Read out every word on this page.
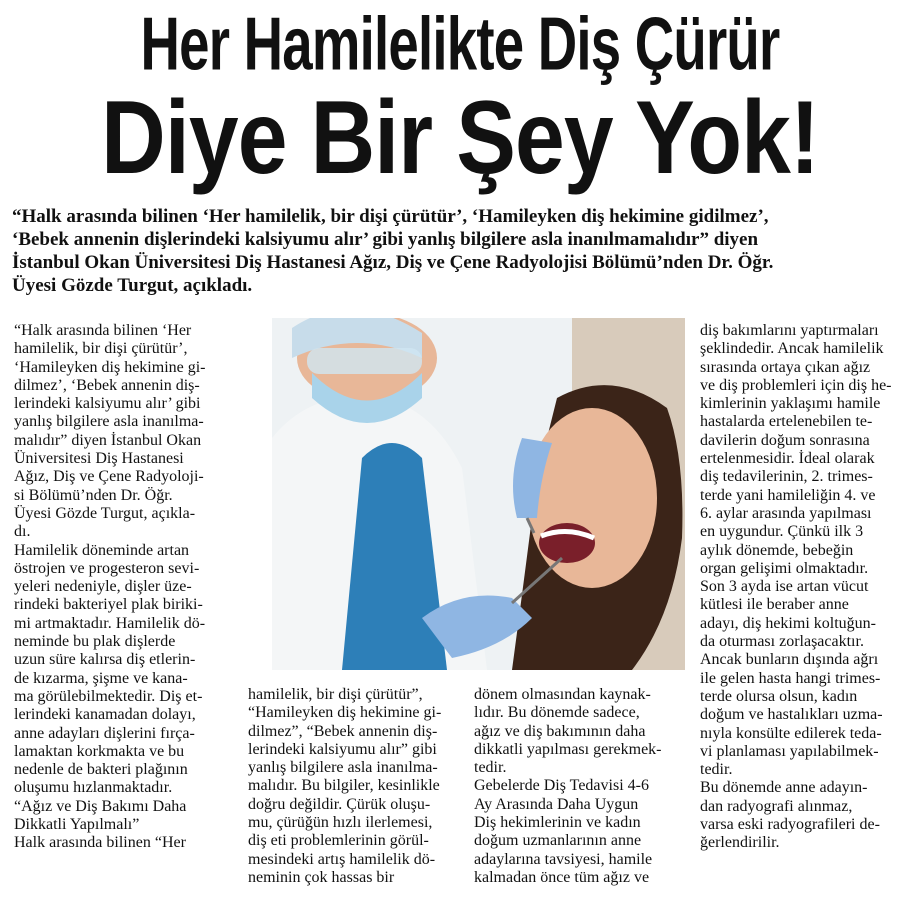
Her Hamilelikte Diş Çürür
Diye Bir Şey Yok!
“Halk arasında bilinen ‘Her hamilelik, bir dişi çürütür’, ‘Hamileyken diş hekimine gidilmez’,
‘Bebek annenin dişlerindeki kalsiyumu alır’ gibi yanlış bilgilere asla inanılmamalıdır” diyen
İstanbul Okan Üniversitesi Diş Hastanesi Ağız, Diş ve Çene Radyolojisi Bölümü’nden Dr. Öğr.
Üyesi Gözde Turgut, açıkladı.
“Halk arasında bilinen ‘Her
hamilelik, bir dişi çürütür’,
‘Hamileyken diş hekimine gi-
dilmez’, ‘Bebek annenin diş-
lerindeki kalsiyumu alır’ gibi
yanlış bilgilere asla inanılma-
malıdır” diyen İstanbul Okan
Üniversitesi Diş Hastanesi
Ağız, Diş ve Çene Radyoloji-
si Bölümü’nden Dr. Öğr.
Üyesi Gözde Turgut, açıkla-
dı.
Hamilelik döneminde artan
östrojen ve progesteron sevi-
yeleri nedeniyle, dişler üze-
rindeki bakteriyel plak biriki-
mi artmaktadır. Hamilelik dö-
neminde bu plak dişlerde
uzun süre kalırsa diş etlerin-
de kızarma, şişme ve kana-
ma görülebilmektedir. Diş et-
lerindeki kanamadan dolayı,
anne adayları dişlerini fırça-
lamaktan korkmakta ve bu
nedenle de bakteri plağının
oluşumu hızlanmaktadır.
“Ağız ve Diş Bakımı Daha
Dikkatli Yapılmalı”
Halk arasında bilinen “Her
hamilelik, bir dişi çürütür”,
“Hamileyken diş hekimine gi-
dilmez”, “Bebek annenin diş-
lerindeki kalsiyumu alır” gibi
yanlış bilgilere asla inanılma-
malıdır. Bu bilgiler, kesinlikle
doğru değildir. Çürük oluşu-
mu, çürüğün hızlı ilerlemesi,
diş eti problemlerinin görül-
mesindeki artış hamilelik dö-
neminin çok hassas bir
dönem olmasından kaynak-
lıdır. Bu dönemde sadece,
ağız ve diş bakımının daha
dikkatli yapılması gerekmek-
tedir.
Gebelerde Diş Tedavisi 4-6
Ay Arasında Daha Uygun
Diş hekimlerinin ve kadın
doğum uzmanlarının anne
adaylarına tavsiyesi, hamile
kalmadan önce tüm ağız ve
diş bakımlarını yaptırmaları
şeklindedir. Ancak hamilelik
sırasında ortaya çıkan ağız
ve diş problemleri için diş he-
kimlerinin yaklaşımı hamile
hastalarda ertelenebilen te-
davilerin doğum sonrasına
ertelenmesidir. İdeal olarak
diş tedavilerinin, 2. trimes-
terde yani hamileliğin 4. ve
6. aylar arasında yapılması
en uygundur. Çünkü ilk 3
aylık dönemde, bebeğin
organ gelişimi olmaktadır.
Son 3 ayda ise artan vücut
kütlesi ile beraber anne
adayı, diş hekimi koltuğun-
da oturması zorlaşacaktır.
Ancak bunların dışında ağrı
ile gelen hasta hangi trimes-
terde olursa olsun, kadın
doğum ve hastalıkları uzma-
nıyla konsülte edilerek teda-
vi planlaması yapılabilmek-
tedir.
Bu dönemde anne adayın-
dan radyografi alınmaz,
varsa eski radyografileri de-
ğerlendirilir.
